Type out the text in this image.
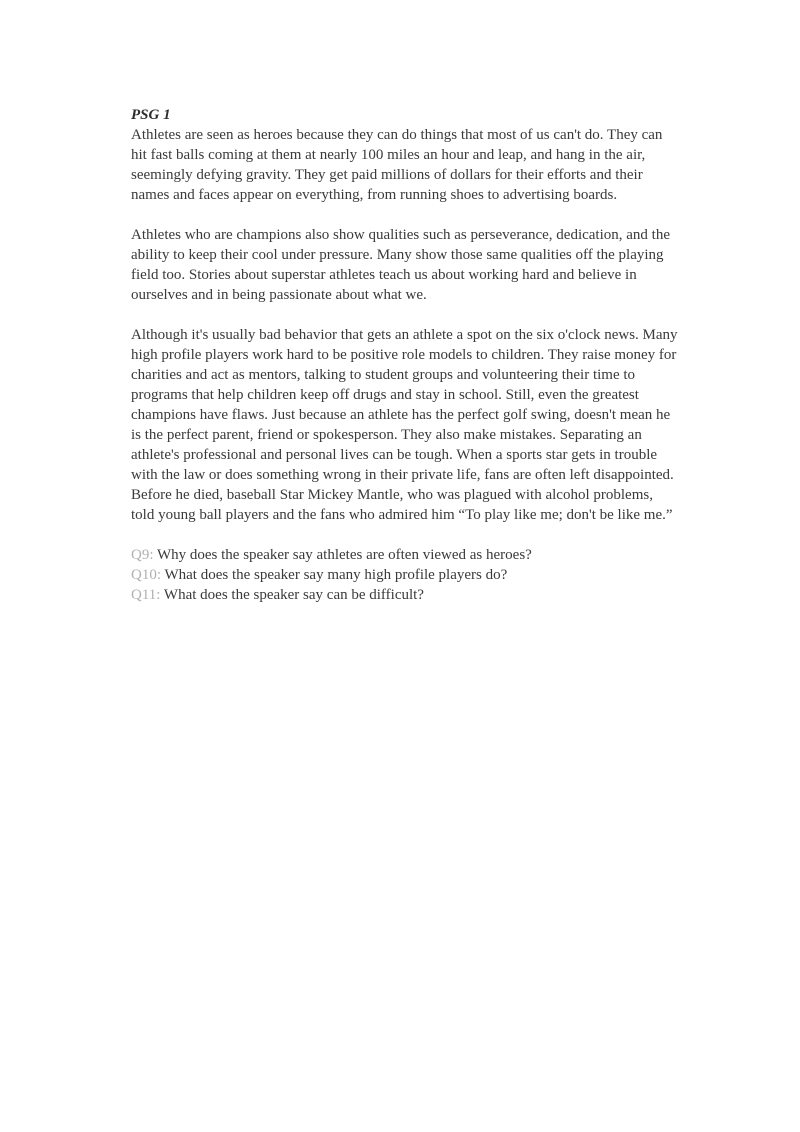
PSG 1

Athletes are seen as heroes because they can do things that most of us can't do. They can hit fast balls coming at them at nearly 100 miles an hour and leap, and hang in the air, seemingly defying gravity. They get paid millions of dollars for their efforts and their names and faces appear on everything, from running shoes to advertising boards.

Athletes who are champions also show qualities such as perseverance, dedication, and the ability to keep their cool under pressure. Many show those same qualities off the playing field too. Stories about superstar athletes teach us about working hard and believe in ourselves and in being passionate about what we.

Although it's usually bad behavior that gets an athlete a spot on the six o'clock news. Many high profile players work hard to be positive role models to children. They raise money for charities and act as mentors, talking to student groups and volunteering their time to programs that help children keep off drugs and stay in school. Still, even the greatest champions have flaws. Just because an athlete has the perfect golf swing, doesn't mean he is the perfect parent, friend or spokesperson. They also make mistakes. Separating an athlete's professional and personal lives can be tough. When a sports star gets in trouble with the law or does something wrong in their private life, fans are often left disappointed. Before he died, baseball Star Mickey Mantle, who was plagued with alcohol problems, told young ball players and the fans who admired him “To play like me; don't be like me.”

Q9: Why does the speaker say athletes are often viewed as heroes?
Q10: What does the speaker say many high profile players do?
Q11: What does the speaker say can be difficult?
